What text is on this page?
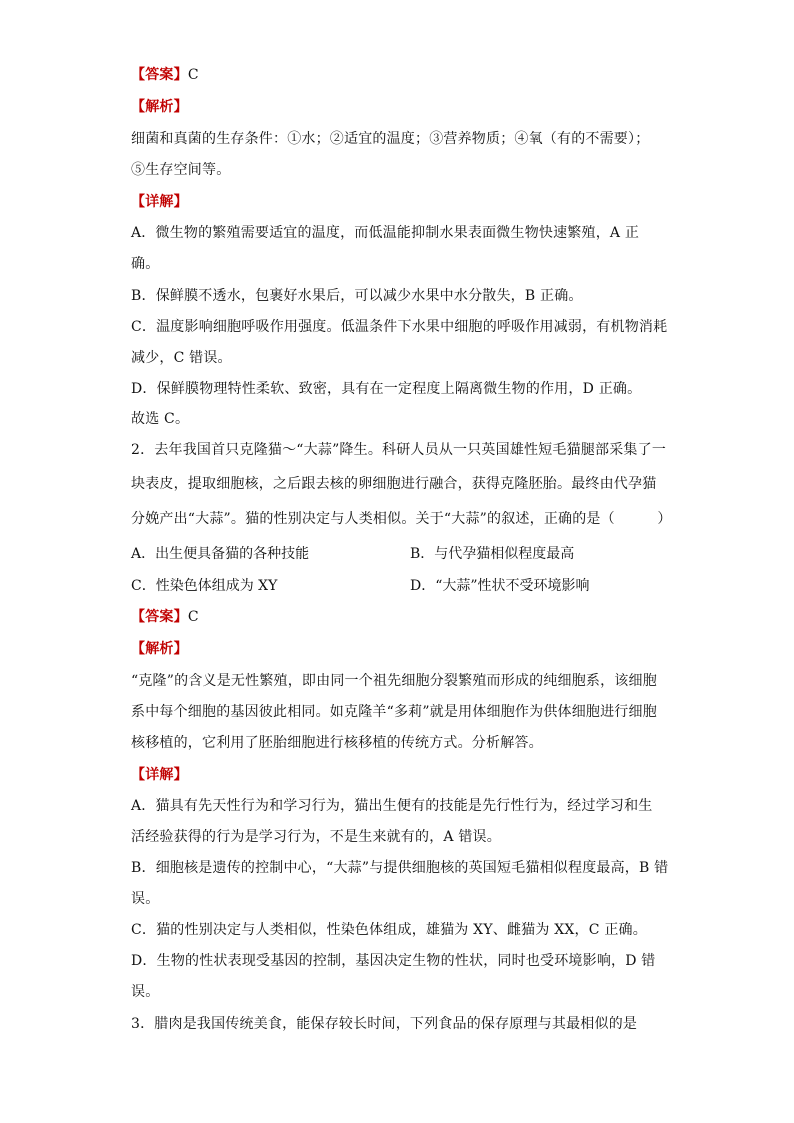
【答案】C
【解析】
细菌和真菌的生存条件：①水；②适宜的温度；③营养物质；④氧（有的不需要）；
⑤生存空间等。
【详解】
A．微生物的繁殖需要适宜的温度，而低温能抑制水果表面微生物快速繁殖，A 正
确。
B．保鲜膜不透水，包裹好水果后，可以减少水果中水分散失，B 正确。
C．温度影响细胞呼吸作用强度。低温条件下水果中细胞的呼吸作用减弱，有机物消耗
减少，C 错误。
D．保鲜膜物理特性柔软、致密，具有在一定程度上隔离微生物的作用，D 正确。
故选 C。
2．去年我国首只克隆猫～“大蒜”降生。科研人员从一只英国雄性短毛猫腿部采集了一
块表皮，提取细胞核，之后跟去核的卵细胞进行融合，获得克隆胚胎。最终由代孕猫
分娩产出“大蒜”。猫的性别决定与人类相似。关于“大蒜”的叙述，正确的是（　　　）
A．出生便具备猫的各种技能	B．与代孕猫相似程度最高
C．性染色体组成为 XY	D．“大蒜”性状不受环境影响
【答案】C
【解析】
“克隆”的含义是无性繁殖，即由同一个祖先细胞分裂繁殖而形成的纯细胞系，该细胞
系中每个细胞的基因彼此相同。如克隆羊“多莉”就是用体细胞作为供体细胞进行细胞
核移植的，它利用了胚胎细胞进行核移植的传统方式。分析解答。
【详解】
A．猫具有先天性行为和学习行为，猫出生便有的技能是先行性行为，经过学习和生
活经验获得的行为是学习行为，不是生来就有的，A 错误。
B．细胞核是遗传的控制中心，“大蒜”与提供细胞核的英国短毛猫相似程度最高，B 错
误。
C．猫的性别决定与人类相似，性染色体组成，雄猫为 XY、雌猫为 XX，C 正确。
D．生物的性状表现受基因的控制，基因决定生物的性状，同时也受环境影响，D 错
误。
3．腊肉是我国传统美食，能保存较长时间，下列食品的保存原理与其最相似的是
